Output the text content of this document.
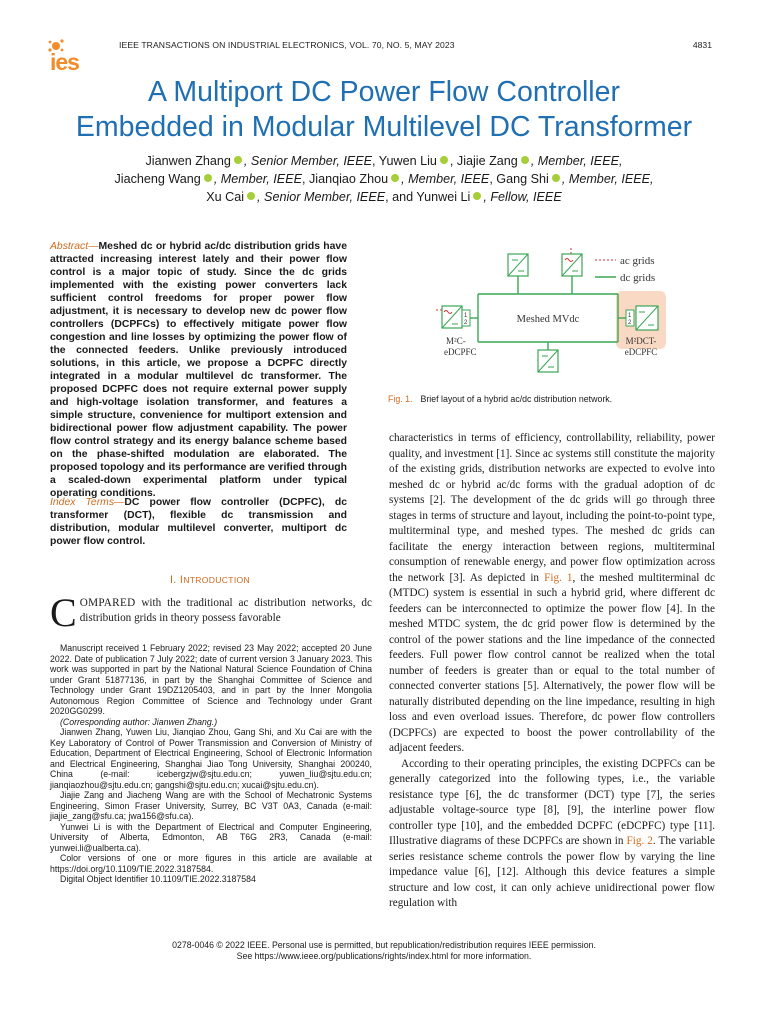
ies
IEEE TRANSACTIONS ON INDUSTRIAL ELECTRONICS, VOL. 70, NO. 5, MAY 2023	4831
A Multiport DC Power Flow Controller
Embedded in Modular Multilevel DC Transformer
Jianwen Zhang , Senior Member, IEEE, Yuwen Liu , Jiajie Zang , Member, IEEE,
Jiacheng Wang , Member, IEEE, Jianqiao Zhou , Member, IEEE, Gang Shi , Member, IEEE,
Xu Cai , Senior Member, IEEE, and Yunwei Li , Fellow, IEEE
Abstract—Meshed dc or hybrid ac/dc distribution grids have attracted increasing interest lately and their power flow control is a major topic of study. Since the dc grids implemented with the existing power converters lack sufficient control freedoms for proper power flow adjustment, it is necessary to develop new dc power flow controllers (DCPFCs) to effectively mitigate power flow congestion and line losses by optimizing the power flow of the connected feeders. Unlike previously introduced solutions, in this article, we propose a DCPFC directly integrated in a modular multilevel dc transformer. The proposed DCPFC does not require external power supply and high-voltage isolation transformer, and features a simple structure, convenience for multiport extension and bidirectional power flow adjustment capability. The power flow control strategy and its energy balance scheme based on the phase-shifted modulation are elaborated. The proposed topology and its performance are verified through a scaled-down experimental platform under typical operating conditions.
Index Terms—DC power flow controller (DCPFC), dc transformer (DCT), flexible dc transmission and distribution, modular multilevel converter, multiport dc power flow control.
I. INTRODUCTION
COMPARED with the traditional ac distribution networks, dc distribution grids in theory possess favorable

Manuscript received 1 February 2022; revised 23 May 2022; accepted 20 June 2022. Date of publication 7 July 2022; date of current version 3 January 2023. This work was supported in part by the National Natural Science Foundation of China under Grant 51877136, in part by the Shanghai Committee of Science and Technology under Grant 19DZ1205403, and in part by the Inner Mongolia Autonomous Region Committee of Science and Technology under Grant 2020GG0299.

(Corresponding author: Jianwen Zhang.)

Jianwen Zhang, Yuwen Liu, Jianqiao Zhou, Gang Shi, and Xu Cai are with the Key Laboratory of Control of Power Transmission and Conversion of Ministry of Education, Department of Electrical Engineering, School of Electronic Information and Electrical Engineering, Shanghai Jiao Tong University, Shanghai 200240, China (e-mail: icebergzjw@sjtu.edu.cn; yuwen_liu@sjtu.edu.cn; jianqiaozhou@sjtu.edu.cn; gangshi@sjtu.edu.cn; xucai@sjtu.edu.cn).

Jiajie Zang and Jiacheng Wang are with the School of Mechatronic Systems Engineering, Simon Fraser University, Surrey, BC V3T 0A3, Canada (e-mail: jiajie_zang@sfu.ca; jwa156@sfu.ca).

Yunwei Li is with the Department of Electrical and Computer Engineering, University of Alberta, Edmonton, AB T6G 2R3, Canada (e-mail: yunwei.li@ualberta.ca).

Color versions of one or more figures in this article are available at https://doi.org/10.1109/TIE.2022.3187584.

Digital Object Identifier 10.1109/TIE.2022.3187584

1
2
1
2
ac grids
dc grids
Meshed MVdc
M²C-
eDCPFC
M²DCT-
eDCPFC
Fig. 1. Brief layout of a hybrid ac/dc distribution network.

characteristics in terms of efficiency, controllability, reliability, power quality, and investment [1]. Since ac systems still constitute the majority of the existing grids, distribution networks are expected to evolve into meshed dc or hybrid ac/dc forms with the gradual adoption of dc systems [2]. The development of the dc grids will go through three stages in terms of structure and layout, including the point-to-point type, multiterminal type, and meshed types. The meshed dc grids can facilitate the energy interaction between regions, multiterminal consumption of renewable energy, and power flow optimization across the network [3]. As depicted in Fig. 1, the meshed multiterminal dc (MTDC) system is essential in such a hybrid grid, where different dc feeders can be interconnected to optimize the power flow [4]. In the meshed MTDC system, the dc grid power flow is determined by the control of the power stations and the line impedance of the connected feeders. Full power flow control cannot be realized when the total number of feeders is greater than or equal to the total number of connected converter stations [5]. Alternatively, the power flow will be naturally distributed depending on the line impedance, resulting in high loss and even overload issues. Therefore, dc power flow controllers (DCPFCs) are expected to boost the power controllability of the adjacent feeders.

According to their operating principles, the existing DCPFCs can be generally categorized into the following types, i.e., the variable resistance type [6], the dc transformer (DCT) type [7], the series adjustable voltage-source type [8], [9], the interline power flow controller type [10], and the embedded DCPFC (eDCPFC) type [11]. Illustrative diagrams of these DCPFCs are shown in Fig. 2. The variable series resistance scheme controls the power flow by varying the line impedance value [6], [12]. Although this device features a simple structure and low cost, it can only achieve unidirectional power flow regulation with

0278-0046 © 2022 IEEE. Personal use is permitted, but republication/redistribution requires IEEE permission.
See https://www.ieee.org/publications/rights/index.html for more information.
